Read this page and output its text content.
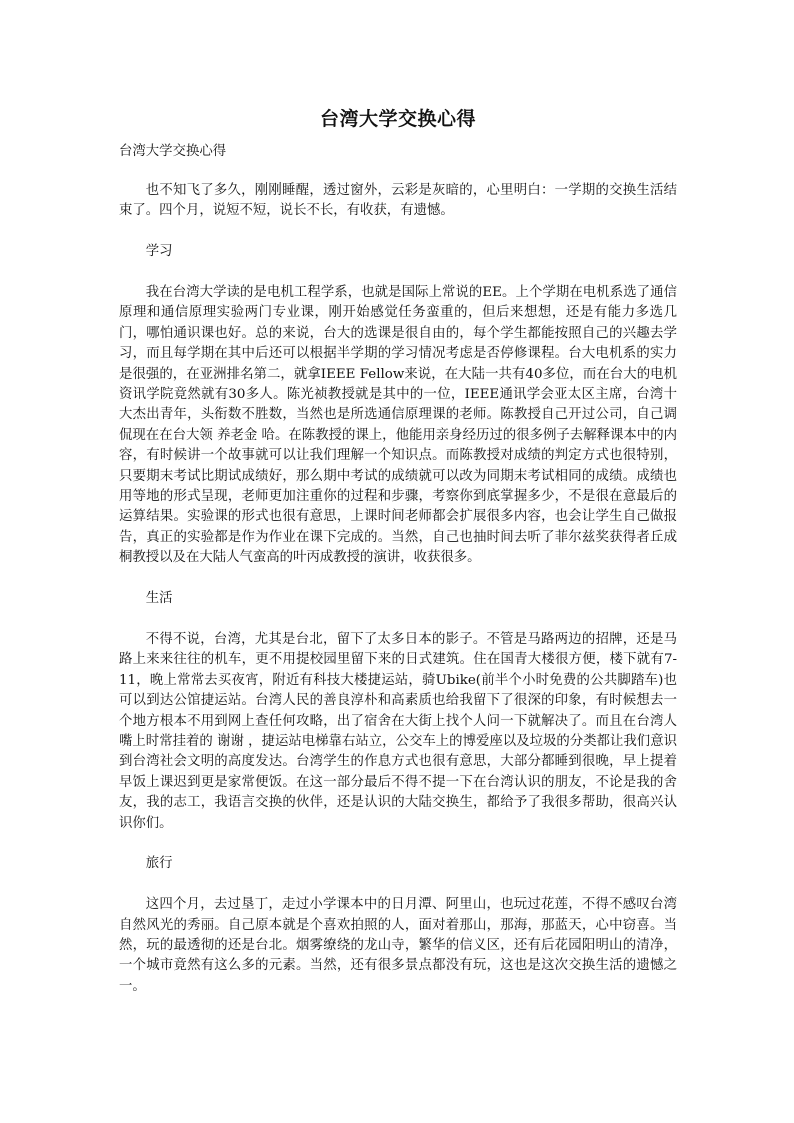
台湾大学交换心得
台湾大学交换心得

也不知飞了多久，刚刚睡醒，透过窗外，云彩是灰暗的，心里明白：一学期的交换生活结束了。四个月，说短不短，说长不长，有收获，有遗憾。

学习

我在台湾大学读的是电机工程学系，也就是国际上常说的EE。上个学期在电机系选了通信原理和通信原理实验两门专业课，刚开始感觉任务蛮重的，但后来想想，还是有能力多选几门，哪怕通识课也好。总的来说，台大的选课是很自由的，每个学生都能按照自己的兴趣去学习，而且每学期在其中后还可以根据半学期的学习情况考虑是否停修课程。台大电机系的实力是很强的，在亚洲排名第二，就拿IEEE Fellow来说，在大陆一共有40多位，而在台大的电机资讯学院竟然就有30多人。陈光祯教授就是其中的一位，IEEE通讯学会亚太区主席，台湾十大杰出青年，头衔数不胜数，当然也是所选通信原理课的老师。陈教授自己开过公司，自己调侃现在在台大领 养老金 哈。在陈教授的课上，他能用亲身经历过的很多例子去解释课本中的内容，有时候讲一个故事就可以让我们理解一个知识点。而陈教授对成绩的判定方式也很特别，只要期末考试比期试成绩好，那么期中考试的成绩就可以改为同期末考试相同的成绩。成绩也用等地的形式呈现，老师更加注重你的过程和步骤，考察你到底掌握多少，不是很在意最后的运算结果。实验课的形式也很有意思，上课时间老师都会扩展很多内容，也会让学生自己做报告，真正的实验都是作为作业在课下完成的。当然，自己也抽时间去听了菲尔兹奖获得者丘成桐教授以及在大陆人气蛮高的叶丙成教授的演讲，收获很多。

生活

不得不说，台湾，尤其是台北，留下了太多日本的影子。不管是马路两边的招牌，还是马路上来来往往的机车，更不用提校园里留下来的日式建筑。住在国青大楼很方便，楼下就有7-11，晚上常常去买夜宵，附近有科技大楼捷运站，骑Ubike(前半个小时免费的公共脚踏车)也可以到达公馆捷运站。台湾人民的善良淳朴和高素质也给我留下了很深的印象，有时候想去一个地方根本不用到网上查任何攻略，出了宿舍在大街上找个人问一下就解决了。而且在台湾人嘴上时常挂着的 谢谢 ，捷运站电梯靠右站立，公交车上的博爱座以及垃圾的分类都让我们意识到台湾社会文明的高度发达。台湾学生的作息方式也很有意思，大部分都睡到很晚，早上提着早饭上课迟到更是家常便饭。在这一部分最后不得不提一下在台湾认识的朋友，不论是我的舍友，我的志工，我语言交换的伙伴，还是认识的大陆交换生，都给予了我很多帮助，很高兴认识你们。

旅行

这四个月，去过垦丁，走过小学课本中的日月潭、阿里山，也玩过花莲，不得不感叹台湾自然风光的秀丽。自己原本就是个喜欢拍照的人，面对着那山，那海，那蓝天，心中窃喜。当然，玩的最透彻的还是台北。烟雾缭绕的龙山寺，繁华的信义区，还有后花园阳明山的清净，一个城市竟然有这么多的元素。当然，还有很多景点都没有玩，这也是这次交换生活的遗憾之一。
